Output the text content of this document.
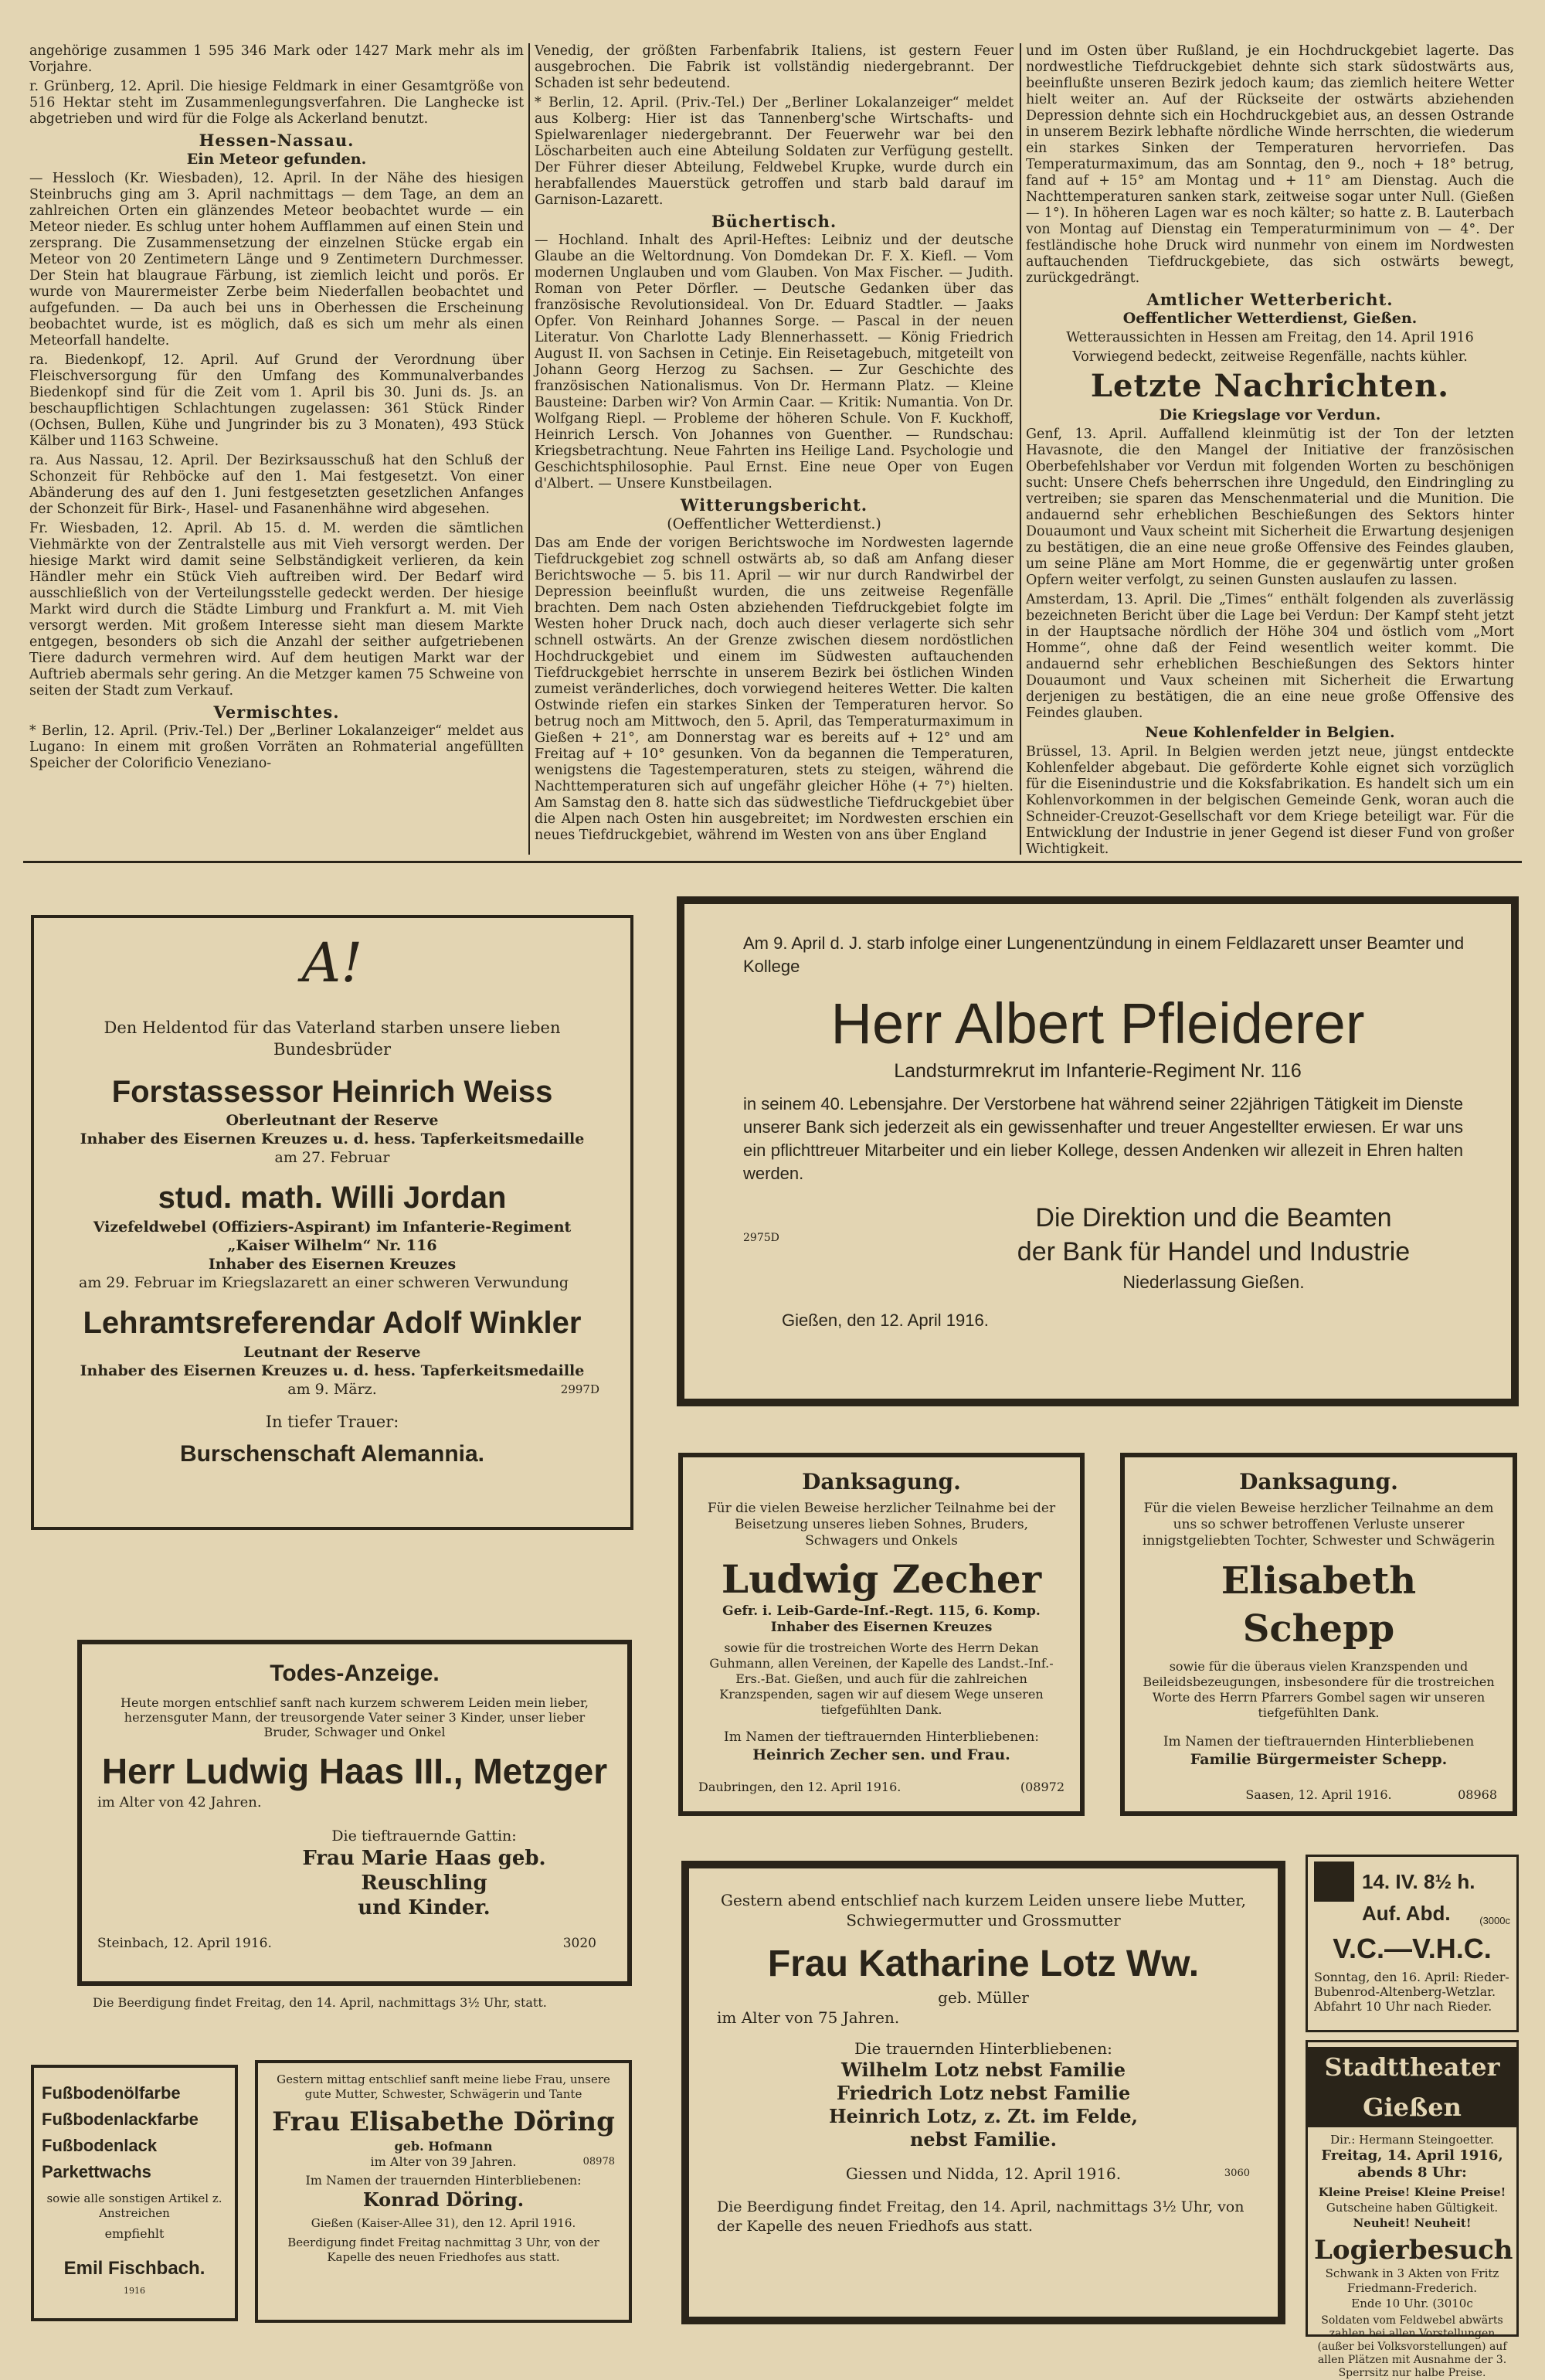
angehörige zusammen 1 595 346 Mark oder 1427 Mark mehr als im Vorjahre.

r. Grünberg, 12. April. Die hiesige Feldmark in einer Gesamtgröße von 516 Hektar steht im Zusammenlegungsverfahren. Die Langhecke ist abgetrieben und wird für die Folge als Ackerland benutzt.

Hessen-Nassau.
Ein Meteor gefunden.

— Hessloch (Kr. Wiesbaden), 12. April. In der Nähe des hiesigen Steinbruchs ging am 3. April nachmittags — dem Tage, an dem an zahlreichen Orten ein glänzendes Meteor beobachtet wurde — ein Meteor nieder. Es schlug unter hohem Aufflammen auf einen Stein und zersprang. Die Zusammensetzung der einzelnen Stücke ergab ein Meteor von 20 Zentimetern Länge und 9 Zentimetern Durchmesser. Der Stein hat blaugraue Färbung, ist ziemlich leicht und porös. Er wurde von Maurermeister Zerbe beim Niederfallen beobachtet und aufgefunden. — Da auch bei uns in Oberhessen die Erscheinung beobachtet wurde, ist es möglich, daß es sich um mehr als einen Meteorfall handelte.

ra. Biedenkopf, 12. April. Auf Grund der Verordnung über Fleischversorgung für den Umfang des Kommunalverbandes Biedenkopf sind für die Zeit vom 1. April bis 30. Juni ds. Js. an beschaupflichtigen Schlachtungen zugelassen: 361 Stück Rinder (Ochsen, Bullen, Kühe und Jungrinder bis zu 3 Monaten), 493 Stück Kälber und 1163 Schweine.

ra. Aus Nassau, 12. April. Der Bezirksausschuß hat den Schluß der Schonzeit für Rehböcke auf den 1. Mai festgesetzt. Von einer Abänderung des auf den 1. Juni festgesetzten gesetzlichen Anfanges der Schonzeit für Birk-, Hasel- und Fasanenhähne wird abgesehen.

Fr. Wiesbaden, 12. April. Ab 15. d. M. werden die sämtlichen Viehmärkte von der Zentralstelle aus mit Vieh versorgt werden. Der hiesige Markt wird damit seine Selbständigkeit verlieren, da kein Händler mehr ein Stück Vieh auftreiben wird. Der Bedarf wird ausschließlich von der Verteilungsstelle gedeckt werden. Der hiesige Markt wird durch die Städte Limburg und Frankfurt a. M. mit Vieh versorgt werden. Mit großem Interesse sieht man diesem Marktе entgegen, besonders ob sich die Anzahl der seither aufgetriebenen Tiere dadurch vermehren wird. Auf dem heutigen Markt war der Auftrieb abermals sehr gering. An die Metzger kamen 75 Schweine von seiten der Stadt zum Verkauf.

Vermischtes.

* Berlin, 12. April. (Priv.-Tel.) Der „Berliner Lokalanzeiger“ meldet aus Lugano: In einem mit großen Vorräten an Rohmaterial angefüllten Speicher der Colorificio Veneziano-

Venedig, der größten Farbenfabrik Italiens, ist gestern Feuer ausgebrochen. Die Fabrik ist vollständig niedergebrannt. Der Schaden ist sehr bedeutend.

* Berlin, 12. April. (Priv.-Tel.) Der „Berliner Lokalanzeiger“ meldet aus Kolberg: Hier ist das Tannenberg'sche Wirtschafts- und Spielwarenlager niedergebrannt. Der Feuerwehr war bei den Löscharbeiten auch eine Abteilung Soldaten zur Verfügung gestellt. Der Führer dieser Abteilung, Feldwebel Krupke, wurde durch ein herabfallendes Mauerstück getroffen und starb bald darauf im Garnison-Lazarett.

Büchertisch.

— Hochland. Inhalt des April-Heftes: Leibniz und der deutsche Glaube an die Weltordnung. Von Domdekan Dr. F. X. Kiefl. — Vom modernen Unglauben und vom Glauben. Von Max Fischer. — Judith. Roman von Peter Dörfler. — Deutsche Gedanken über das französische Revolutionsideal. Von Dr. Eduard Stadtler. — Jaaks Opfer. Von Reinhard Johannes Sorge. — Pascal in der neuen Literatur. Von Charlotte Lady Blennerhassett. — König Friedrich August II. von Sachsen in Cetinje. Ein Reisetagebuch, mitgeteilt von Johann Georg Herzog zu Sachsen. — Zur Geschichte des französischen Nationalismus. Von Dr. Hermann Platz. — Kleine Bausteine: Darben wir? Von Armin Caar. — Kritik: Numantia. Von Dr. Wolfgang Riepl. — Probleme der höheren Schule. Von F. Kuckhoff, Heinrich Lersch. Von Johannes von Guenther. — Rundschau: Kriegsbetrachtung. Neue Fahrten ins Heilige Land. Psychologie und Geschichtsphilosophie. Paul Ernst. Eine neue Oper von Eugen d'Albert. — Unsere Kunstbeilagen.

Witterungsbericht.
(Oeffentlicher Wetterdienst.)

Das am Ende der vorigen Berichtswoche im Nordwesten lagernde Tiefdruckgebiet zog schnell ostwärts ab, so daß am Anfang dieser Berichtswoche — 5. bis 11. April — wir nur durch Randwirbel der Depression beeinflußt wurden, die uns zeitweise Regenfälle brachten. Dem nach Osten abziehenden Tiefdruckgebiet folgte im Westen hoher Druck nach, doch auch dieser verlagerte sich sehr schnell ostwärts. An der Grenze zwischen diesem nordöstlichen Hochdruckgebiet und einem im Südwesten auftauchenden Tiefdruckgebiet herrschte in unserem Bezirk bei östlichen Winden zumeist veränderliches, doch vorwiegend heiteres Wetter. Die kalten Ostwinde riefen ein starkes Sinken der Temperaturen hervor. So betrug noch am Mittwoch, den 5. April, das Temperaturmaximum in Gießen + 21°, am Donnerstag war es bereits auf + 12° und am Freitag auf + 10° gesunken. Von da begannen die Temperaturen, wenigstens die Tagestemperaturen, stets zu steigen, während die Nachttemperaturen sich auf ungefähr gleicher Höhe (+ 7°) hielten. Am Samstag den 8. hatte sich das südwestliche Tiefdruckgebiet über die Alpen nach Osten hin ausgebreitet; im Nordwesten erschien ein neues Tiefdruckgebiet, während im Westen von ans über England

und im Osten über Rußland, je ein Hochdruckgebiet lagerte. Das nordwestliche Tiefdruckgebiet dehnte sich stark südostwärts aus, beeinflußte unseren Bezirk jedoch kaum; das ziemlich heitere Wetter hielt weiter an. Auf der Rückseite der ostwärts abziehenden Depression dehnte sich ein Hochdruckgebiet aus, an dessen Ostrande in unserem Bezirk lebhafte nördliche Winde herrschten, die wiederum ein starkes Sinken der Temperaturen hervorriefen. Das Temperaturmaximum, das am Sonntag, den 9., noch + 18° betrug, fand auf + 15° am Montag und + 11° am Dienstag. Auch die Nachttemperaturen sanken stark, zeitweise sogar unter Null. (Gießen — 1°). In höheren Lagen war es noch kälter; so hatte z. B. Lauterbach von Montag auf Dienstag ein Temperaturminimum von — 4°. Der festländische hohe Druck wird nunmehr von einem im Nordwesten auftauchenden Tiefdruckgebiete, das sich ostwärts bewegt, zurückgedrängt.

Amtlicher Wetterbericht.
Oeffentlicher Wetterdienst, Gießen.

Wetteraussichten in Hessen am Freitag, den 14. April 1916

Vorwiegend bedeckt, zeitweise Regenfälle, nachts kühler.

Letzte Nachrichten.
Die Kriegslage vor Verdun.

Genf, 13. April. Auffallend kleinmütig ist der Ton der letzten Havasnote, die den Mangel der Initiative der französischen Oberbefehlshaber vor Verdun mit folgenden Worten zu beschönigen sucht: Unsere Chefs beherrschen ihre Ungeduld, den Eindringling zu vertreiben; sie sparen das Menschenmaterial und die Munition. Die andauernd sehr erheblichen Beschießungen des Sektors hinter Douaumont und Vaux scheint mit Sicherheit die Erwartung desjenigen zu bestätigen, die an eine neue große Offensive des Feindes glauben, um seine Pläne am Mort Homme, die er gegenwärtig unter großen Opfern weiter verfolgt, zu seinen Gunsten auslaufen zu lassen.

Amsterdam, 13. April. Die „Times“ enthält folgenden als zuverlässig bezeichneten Bericht über die Lage bei Verdun: Der Kampf steht jetzt in der Hauptsache nördlich der Höhe 304 und östlich vom „Mort Homme“, ohne daß der Feind wesentlich weiter kommt. Die andauernd sehr erheblichen Beschießungen des Sektors hinter Douaumont und Vaux scheinen mit Sicherheit die Erwartung derjenigen zu bestätigen, die an eine neue große Offensive des Feindes glauben.

Neue Kohlenfelder in Belgien.

Brüssel, 13. April. In Belgien werden jetzt neue, jüngst entdeckte Kohlenfelder abgebaut. Die geförderte Kohle eignet sich vorzüglich für die Eisenindustrie und die Koksfabrikation. Es handelt sich um ein Kohlenvorkommen in der belgischen Gemeinde Genk, woran auch die Schneider-Creuzot-Gesellschaft vor dem Kriege beteiligt war. Für die Entwicklung der Industrie in jener Gegend ist dieser Fund von großer Wichtigkeit.

A!
Den Heldentod für das Vaterland starben unsere lieben Bundesbrüder
Forstassessor Heinrich Weiss
Oberleutnant der Reserve
Inhaber des Eisernen Kreuzes u. d. hess. Tapferkeitsmedaille
am 27. Februar
stud. math. Willi Jordan
Vizefeldwebel (Offiziers-Aspirant) im Infanterie-Regiment
„Kaiser Wilhelm“ Nr. 116
Inhaber des Eisernen Kreuzes
am 29. Februar im Kriegslazarett an einer schweren Verwundung
Lehramtsreferendar Adolf Winkler
Leutnant der Reserve
Inhaber des Eisernen Kreuzes u. d. hess. Tapferkeitsmedaille
am 9. März.	2997D
In tiefer Trauer:
Burschenschaft Alemannia.
Am 9. April d. J. starb infolge einer Lungenentzündung in einem Feldlazarett unser Beamter und Kollege
Herr Albert Pfleiderer
Landsturmrekrut im Infanterie-Regiment Nr. 116
in seinem 40. Lebensjahre. Der Verstorbene hat während seiner 22jährigen Tätigkeit im Dienste unserer Bank sich jederzeit als ein gewissenhafter und treuer Angestellter erwiesen. Er war uns ein pflichttreuer Mitarbeiter und ein lieber Kollege, dessen Andenken wir allezeit in Ehren halten werden.
2975D
Die Direktion und die Beamten
der Bank für Handel und Industrie
Niederlassung Gießen.
Gießen, den 12. April 1916.
Danksagung.
Für die vielen Beweise herzlicher Teilnahme bei der Beisetzung unseres lieben Sohnes, Bruders, Schwagers und Onkels
Ludwig Zecher
Gefr. i. Leib-Garde-Inf.-Regt. 115, 6. Komp.
Inhaber des Eisernen Kreuzes
sowie für die trostreichen Worte des Herrn Dekan Guhmann, allen Vereinen, der Kapelle des Landst.-Inf.-Ers.-Bat. Gießen, und auch für die zahlreichen Kranzspenden, sagen wir auf diesem Wege unseren tiefgefühlten Dank.
Im Namen der tieftrauernden Hinterbliebenen:
Heinrich Zecher sen. und Frau.
Daubringen, den 12. April 1916.	(08972
Danksagung.
Für die vielen Beweise herzlicher Teilnahme an dem uns so schwer betroffenen Verluste unserer innigstgeliebten Tochter, Schwester und Schwägerin
Elisabeth Schepp
sowie für die überaus vielen Kranzspenden und Beileidsbezeugungen, insbesondere für die trostreichen Worte des Herrn Pfarrers Gombel sagen wir unseren tiefgefühlten Dank.
Im Namen der tieftrauernden Hinterbliebenen
Familie Bürgermeister Schepp.
Saasen, 12. April 1916.	08968
Todes-Anzeige.
Heute morgen entschlief sanft nach kurzem schwerem Leiden mein lieber, herzensguter Mann, der treusorgende Vater seiner 3 Kinder, unser lieber Bruder, Schwager und Onkel
Herr Ludwig Haas III., Metzger
im Alter von 42 Jahren.
Die tieftrauernde Gattin:
Frau Marie Haas geb. Reuschling
und Kinder.
Steinbach, 12. April 1916.	3020
Die Beerdigung findet Freitag, den 14. April, nachmittags 3½ Uhr, statt.
Gestern abend entschlief nach kurzem Leiden unsere liebe Mutter, Schwiegermutter und Grossmutter
Frau Katharine Lotz Ww.
geb. Müller
im Alter von 75 Jahren.
Die trauernden Hinterbliebenen:
Wilhelm Lotz nebst Familie
Friedrich Lotz nebst Familie
Heinrich Lotz, z. Zt. im Felde,
nebst Familie.
Giessen und Nidda, 12. April 1916.	3060
Die Beerdigung findet Freitag, den 14. April, nachmittags 3½ Uhr, von der Kapelle des neuen Friedhofs aus statt.
Fußbodenölfarbe
Fußbodenlackfarbe
Fußbodenlack
Parkettwachs
sowie alle sonstigen Artikel z. Anstreichen
empfiehlt
Emil Fischbach.
1916
Gestern mittag entschlief sanft meine liebe Frau, unsere gute Mutter, Schwester, Schwägerin und Tante
Frau Elisabethe Döring
geb. Hofmann
im Alter von 39 Jahren.	08978
Im Namen der trauernden Hinterbliebenen:
Konrad Döring.
Gießen (Kaiser-Allee 31), den 12. April 1916.
Beerdigung findet Freitag nachmittag 3 Uhr, von der Kapelle des neuen Friedhofes aus statt.
14. IV. 8½ h.
Auf. Abd.	(3000c
V.C.—V.H.C.
Sonntag, den 16. April: Rieder-Bubenrod-Altenberg-Wetzlar. Abfahrt 10 Uhr nach Rieder.
Stadttheater Gießen
Dir.: Hermann Steingoetter.
Freitag, 14. April 1916, abends 8 Uhr:
Kleine Preise! Kleine Preise!
Gutscheine haben Gültigkeit.
Neuheit! Neuheit!
Logierbesuch
Schwank in 3 Akten von Fritz Friedmann-Frederich.
Ende 10 Uhr. (3010c
Soldaten vom Feldwebel abwärts zahlen bei allen Vorstellungen (außer bei Volksvorstellungen) auf allen Plätzen mit Ausnahme der 3. Sperrsitz nur halbe Preise.
